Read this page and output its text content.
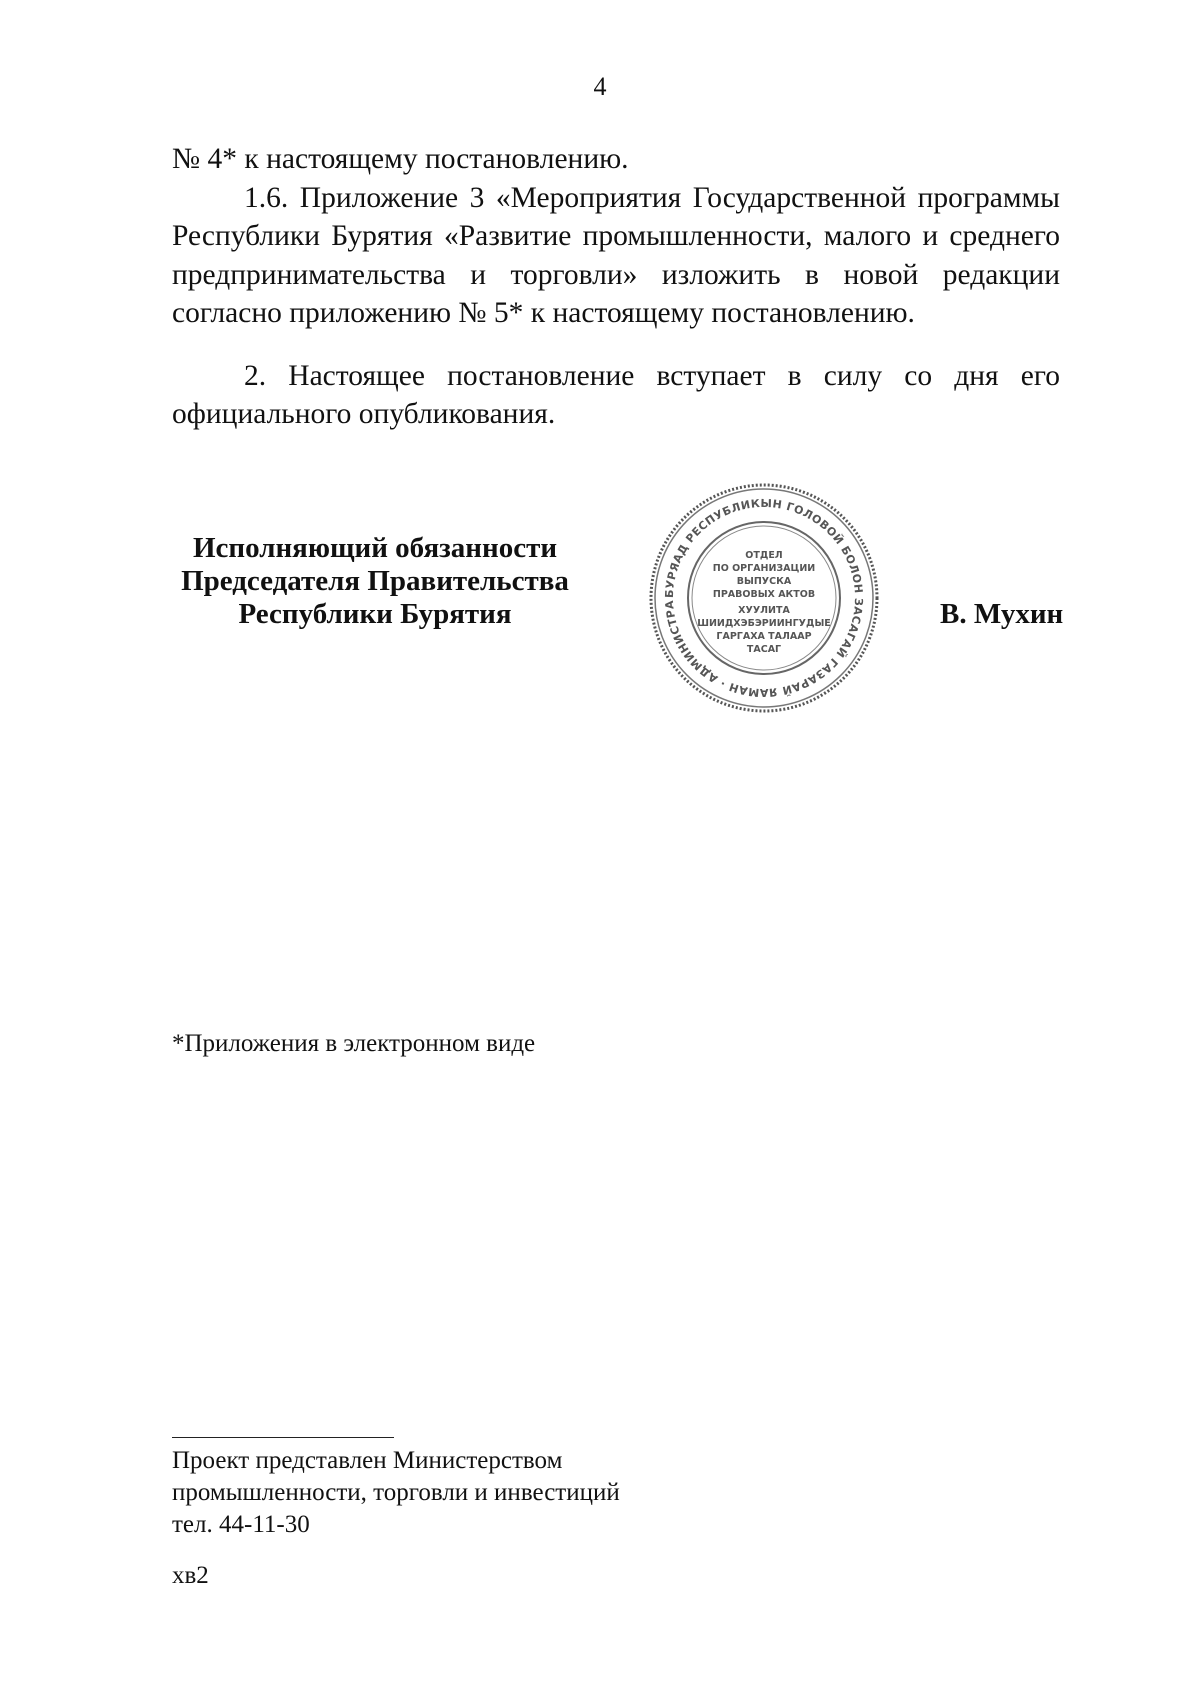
4

№ 4* к настоящему постановлению.

1.6. Приложение 3 «Мероприятия Государственной программы Республики Бурятия «Развитие промышленности, малого и среднего предпринимательства и торговли» изложить в новой редакции согласно приложению № 5* к настоящему постановлению.

2. Настоящее постановление вступает в силу со дня его официального опубликования.

Исполняющий обязанности
Председателя Правительства
Республики Бурятия
БУРЯАД РЕСПУБЛИКЫН ГОЛОВОЙ БОЛОН ЗАСАГАЙ ГАЗАРАЙ ЯАМАН · АДМИНИСТРА
ОТДЕЛ
ПО ОРГАНИЗАЦИИ
ВЫПУСКА
ПРАВОВЫХ АКТОВ
ХУУЛИТА
ШИИДХЭБЭРИИНГУДЫЕ
ГАРГАХА ТАЛААР
ТАСАГ
В. Мухин
*Приложения в электронном виде
Проект представлен Министерством
промышленности, торговли и инвестиций
тел. 44-11-30
хв2
